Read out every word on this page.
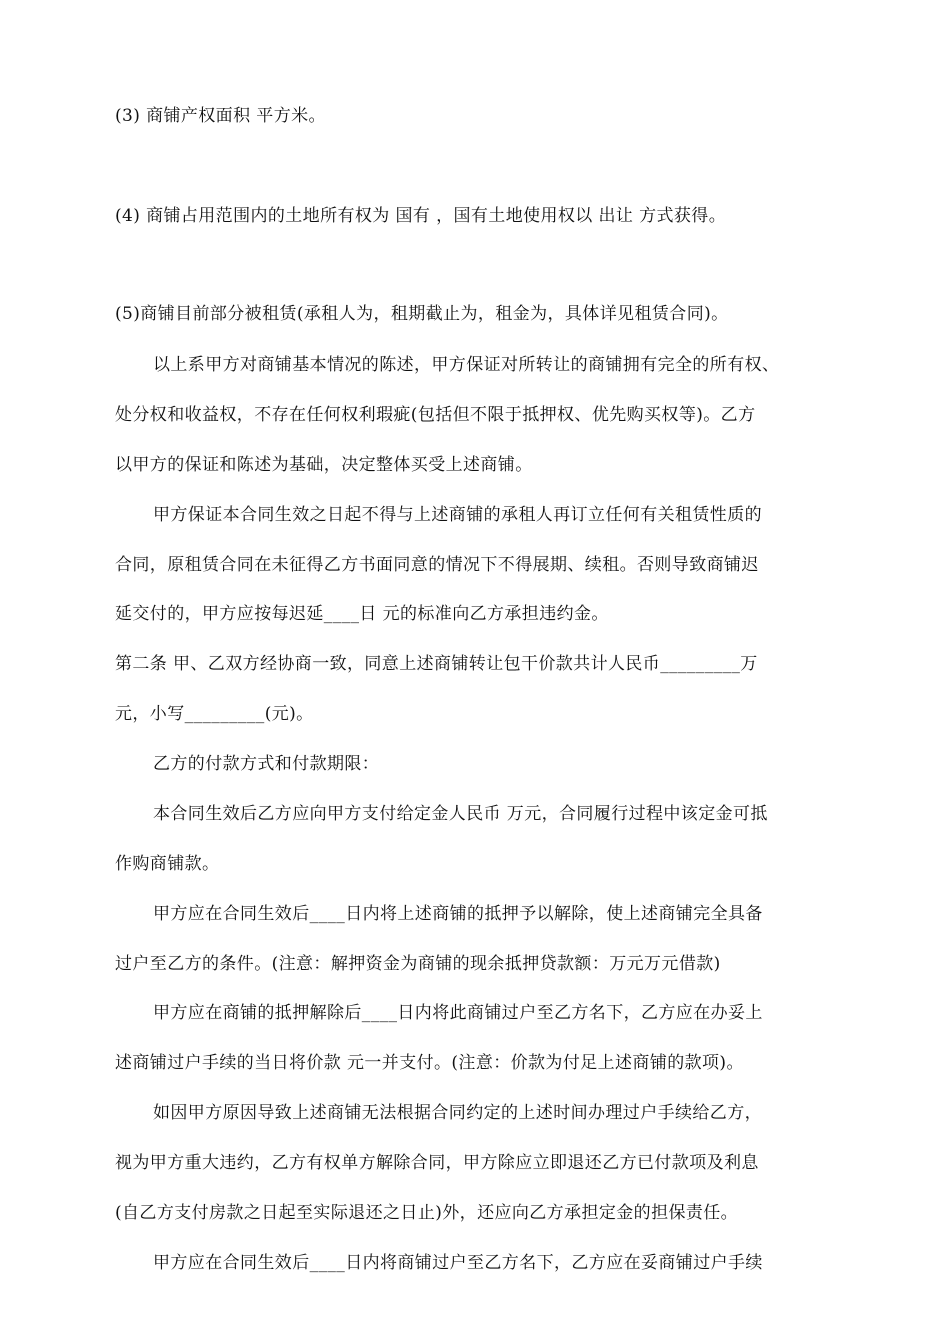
(3) 商铺产权面积 平方米。
(4) 商铺占用范围内的土地所有权为 国有 ，国有土地使用权以 出让 方式获得。
(5)商铺目前部分被租赁(承租人为，租期截止为，租金为，具体详见租赁合同)。
以上系甲方对商铺基本情况的陈述，甲方保证对所转让的商铺拥有完全的所有权、
处分权和收益权，不存在任何权利瑕疵(包括但不限于抵押权、优先购买权等)。乙方
以甲方的保证和陈述为基础，决定整体买受上述商铺。
甲方保证本合同生效之日起不得与上述商铺的承租人再订立任何有关租赁性质的
合同，原租赁合同在未征得乙方书面同意的情况下不得展期、续租。否则导致商铺迟
延交付的，甲方应按每迟延____日 元的标准向乙方承担违约金。
第二条 甲、乙双方经协商一致，同意上述商铺转让包干价款共计人民币_________万
元，小写_________(元)。
乙方的付款方式和付款期限：
本合同生效后乙方应向甲方支付给定金人民币 万元，合同履行过程中该定金可抵
作购商铺款。
甲方应在合同生效后____日内将上述商铺的抵押予以解除，使上述商铺完全具备
过户至乙方的条件。(注意：解押资金为商铺的现余抵押贷款额：万元万元借款)
甲方应在商铺的抵押解除后____日内将此商铺过户至乙方名下，乙方应在办妥上
述商铺过户手续的当日将价款 元一并支付。(注意：价款为付足上述商铺的款项)。
如因甲方原因导致上述商铺无法根据合同约定的上述时间办理过户手续给乙方，
视为甲方重大违约，乙方有权单方解除合同，甲方除应立即退还乙方已付款项及利息
(自乙方支付房款之日起至实际退还之日止)外，还应向乙方承担定金的担保责任。
甲方应在合同生效后____日内将商铺过户至乙方名下，乙方应在妥商铺过户手续
